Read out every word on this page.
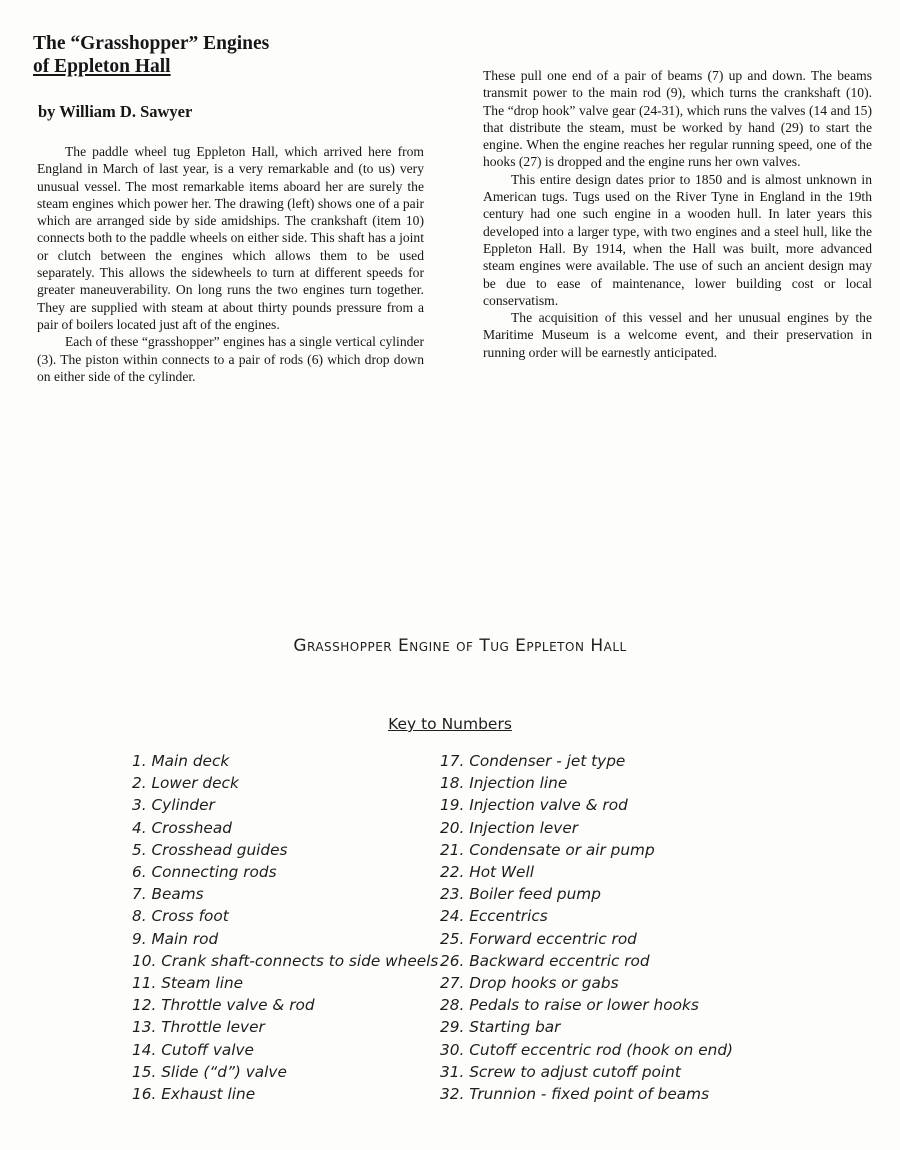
The “Grasshopper” Engines
of Eppleton Hall
by William D. Sawyer

The paddle wheel tug Eppleton Hall, which arrived here from England in March of last year, is a very remarkable and (to us) very unusual vessel. The most remarkable items aboard her are surely the steam engines which power her. The drawing (left) shows one of a pair which are arranged side by side amidships. The crankshaft (item 10) connects both to the paddle wheels on either side. This shaft has a joint or clutch between the engines which allows them to be used separately. This allows the sidewheels to turn at different speeds for greater maneuverability. On long runs the two engines turn together. They are supplied with steam at about thirty pounds pressure from a pair of boilers located just aft of the engines.

Each of these “grasshopper” engines has a single vertical cylinder (3). The piston within connects to a pair of rods (6) which drop down on either side of the cylinder.

These pull one end of a pair of beams (7) up and down. The beams transmit power to the main rod (9), which turns the crankshaft (10). The “drop hook” valve gear (24-31), which runs the valves (14 and 15) that distribute the steam, must be worked by hand (29) to start the engine. When the engine reaches her regular running speed, one of the hooks (27) is dropped and the engine runs her own valves.

This entire design dates prior to 1850 and is almost unknown in American tugs. Tugs used on the River Tyne in England in the 19th century had one such engine in a wooden hull. In later years this developed into a larger type, with two engines and a steel hull, like the Eppleton Hall. By 1914, when the Hall was built, more advanced steam engines were available. The use of such an ancient design may be due to ease of maintenance, lower building cost or local conservatism.

The acquisition of this vessel and her unusual engines by the Maritime Museum is a welcome event, and their preservation in running order will be earnestly anticipated.

Grasshopper Engine of Tug Eppleton Hall
Key to Numbers
1. Main deck
2. Lower deck
3. Cylinder
4. Crosshead
5. Crosshead guides
6. Connecting rods
7. Beams
8. Cross foot
9. Main rod
10. Crank shaft-connects to side wheels
11. Steam line
12. Throttle valve & rod
13. Throttle lever
14. Cutoff valve
15. Slide (“d”) valve
16. Exhaust line
17. Condenser - jet type
18. Injection line
19. Injection valve & rod
20. Injection lever
21. Condensate or air pump
22. Hot Well
23. Boiler feed pump
24. Eccentrics
25. Forward eccentric rod
26. Backward eccentric rod
27. Drop hooks or gabs
28. Pedals to raise or lower hooks
29. Starting bar
30. Cutoff eccentric rod (hook on end)
31. Screw to adjust cutoff point
32. Trunnion - fixed point of beams
